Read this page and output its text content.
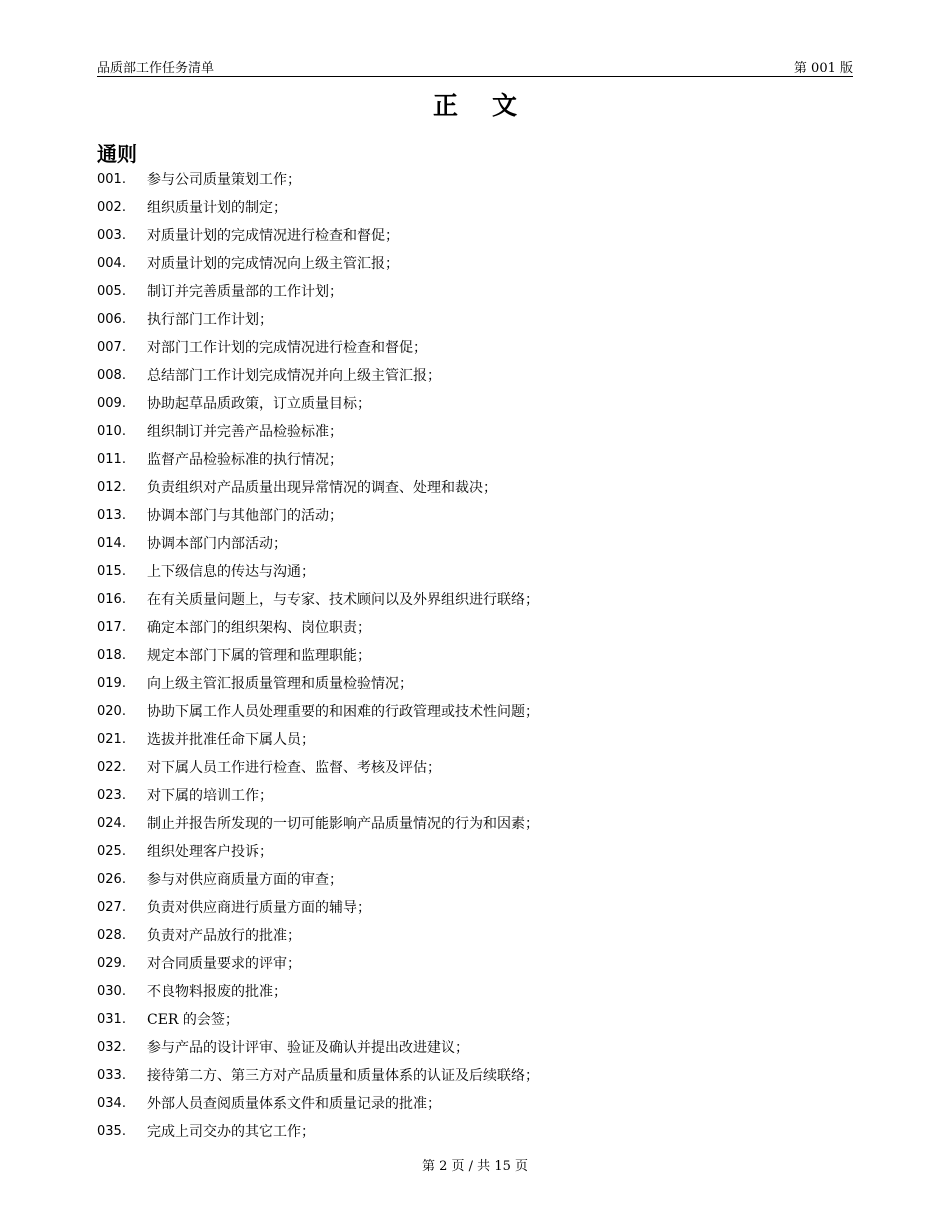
品质部工作任务清单	第 001 版
正文
通则
001.	参与公司质量策划工作；
002.	组织质量计划的制定；
003.	对质量计划的完成情况进行检查和督促；
004.	对质量计划的完成情况向上级主管汇报；
005.	制订并完善质量部的工作计划；
006.	执行部门工作计划；
007.	对部门工作计划的完成情况进行检查和督促；
008.	总结部门工作计划完成情况并向上级主管汇报；
009.	协助起草品质政策，订立质量目标；
010.	组织制订并完善产品检验标准；
011.	监督产品检验标准的执行情况；
012.	负责组织对产品质量出现异常情况的调查、处理和裁决；
013.	协调本部门与其他部门的活动；
014.	协调本部门内部活动；
015.	上下级信息的传达与沟通；
016.	在有关质量问题上，与专家、技术顾问以及外界组织进行联络；
017.	确定本部门的组织架构、岗位职责；
018.	规定本部门下属的管理和监理职能；
019.	向上级主管汇报质量管理和质量检验情况；
020.	协助下属工作人员处理重要的和困难的行政管理或技术性问题；
021.	选拔并批准任命下属人员；
022.	对下属人员工作进行检查、监督、考核及评估；
023.	对下属的培训工作；
024.	制止并报告所发现的一切可能影响产品质量情况的行为和因素；
025.	组织处理客户投诉；
026.	参与对供应商质量方面的审查；
027.	负责对供应商进行质量方面的辅导；
028.	负责对产品放行的批准；
029.	对合同质量要求的评审；
030.	不良物料报废的批准；
031.	CER 的会签；
032.	参与产品的设计评审、验证及确认并提出改进建议；
033.	接待第二方、第三方对产品质量和质量体系的认证及后续联络；
034.	外部人员查阅质量体系文件和质量记录的批准；
035.	完成上司交办的其它工作；
第 2 页 / 共 15 页
